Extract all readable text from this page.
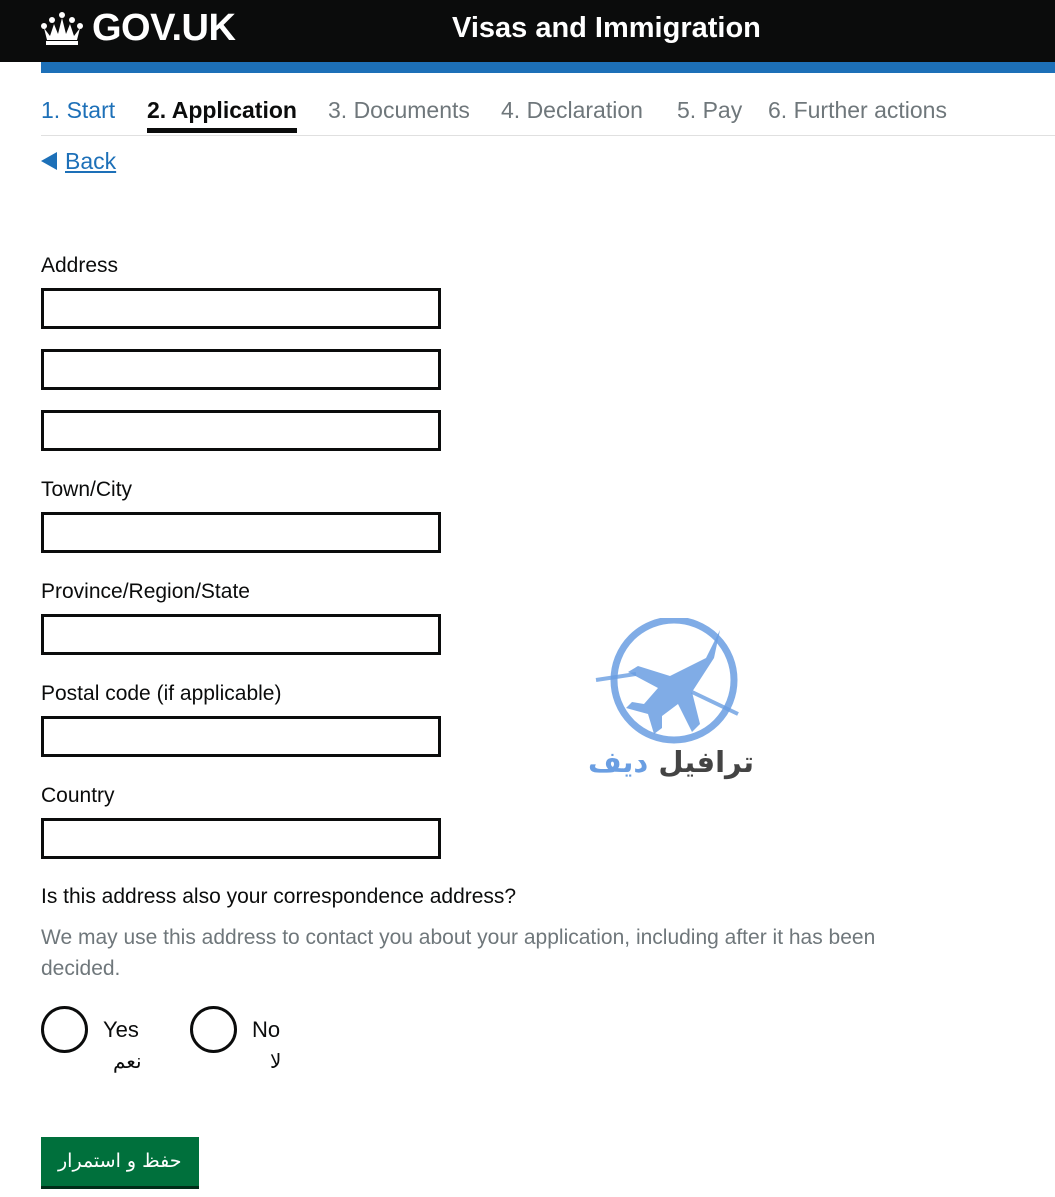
GOV.UK	Visas and Immigration
1. Start 2. Application 3. Documents 4. Declaration 5. Pay 6. Further actions
Back
Address
Town/City
Province/Region/State
Postal code (if applicable)
Country
Is this address also your correspondence address?
We may use this address to contact you about your application, including after it has been decided.
Yes
نعم
No
لا
حفظ و استمرار
ترافيل ديف
